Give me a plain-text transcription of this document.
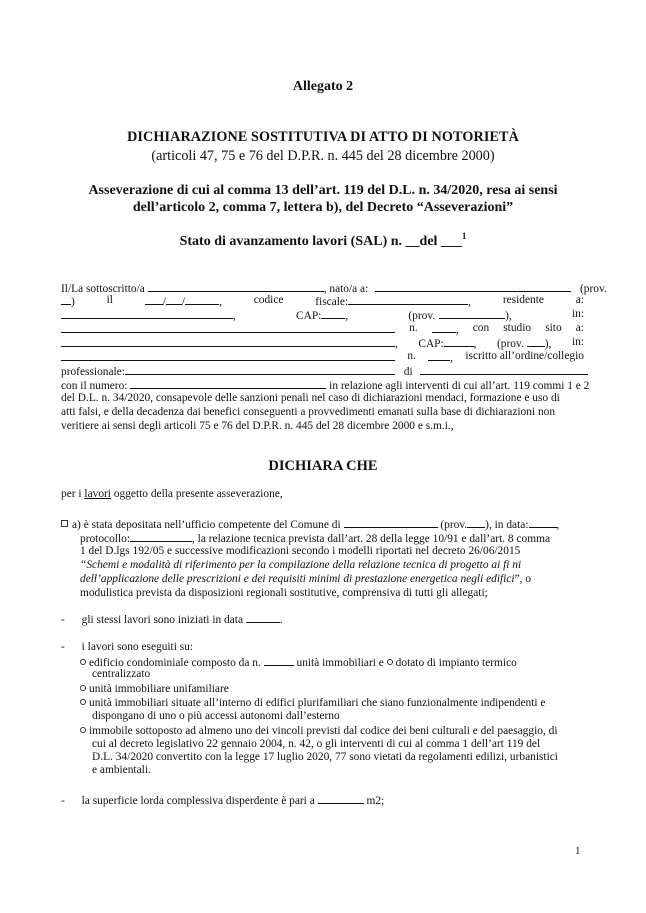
Allegato 2
DICHIARAZIONE SOSTITUTIVA DI ATTO DI NOTORIETÀ
(articoli 47, 75 e 76 del D.P.R. n. 445 del 28 dicembre 2000)
Asseverazione di cui al comma 13 dell’art. 119 del D.L. n. 34/2020, resa ai sensi
dell’articolo 2, comma 7, lettera b), del Decreto “Asseverazioni”
Stato di avanzamento lavori (SAL) n. __del ___$^1$
Il/La sottoscritto/a	, nato/a a:	(prov.
)	il	/ /	,	codice	fiscale:	,	residente	a:
,	CAP: ,	(prov.	),	in:
n.	, con studio sito a:
, CAP:	, (prov. ), in:
n.	, iscritto all’ordine/collegio
professionale:	di
con il numero:	in relazione agli interventi di cui all’art. 119 commi 1 e 2
del D.L. n. 34/2020, consapevole delle sanzioni penali nel caso di dichiarazioni mendaci, formazione e uso di
atti falsi, e della decadenza dai benefici conseguenti a provvedimenti emanati sulla base di dichiarazioni non
veritiere ai sensi degli articoli 75 e 76 del D.P.R. n. 445 del 28 dicembre 2000 e s.m.i.,
DICHIARA CHE
per i lavori oggetto della presente asseverazione,
a) è stata depositata nell’ufficio competente del Comune di	(prov. ), in data: ,
protocollo:	, la relazione tecnica prevista dall’art. 28 della legge 10/91 e dall’art. 8 comma
1 del D.lgs 192/05 e successive modificazioni secondo i modelli riportati nel decreto 26/06/2015
“Schemi e modalità di riferimento per la compilazione della relazione tecnica di progetto ai fi ni
dell’applicazione delle prescrizioni e dei requisiti minimi di prestazione energetica negli edifici”, o
modulistica prevista da disposizioni regionali sostitutive, comprensiva di tutti gli allegati;
- gli stessi lavori sono iniziati in data	.
- i lavori sono eseguiti su:
edificio condominiale composto da n.	unità immobiliari e dotato di impianto termico
centralizzato
unità immobiliare unifamiliare
unità immobiliari situate all’interno di edifici plurifamiliari che siano funzionalmente indipendenti e
dispongano di uno o più accessi autonomi dall’esterno
immobile sottoposto ad almeno uno dei vincoli previsti dal codice dei beni culturali e del paesaggio, di
cui al decreto legislativo 22 gennaio 2004, n. 42, o gli interventi di cui al comma 1 dell’art 119 del
D.L. 34/2020 convertito con la legge 17 luglio 2020, 77 sono vietati da regolamenti edilizi, urbanistici
e ambientali.
- la superficie lorda complessiva disperdente è pari a	m2;
1
